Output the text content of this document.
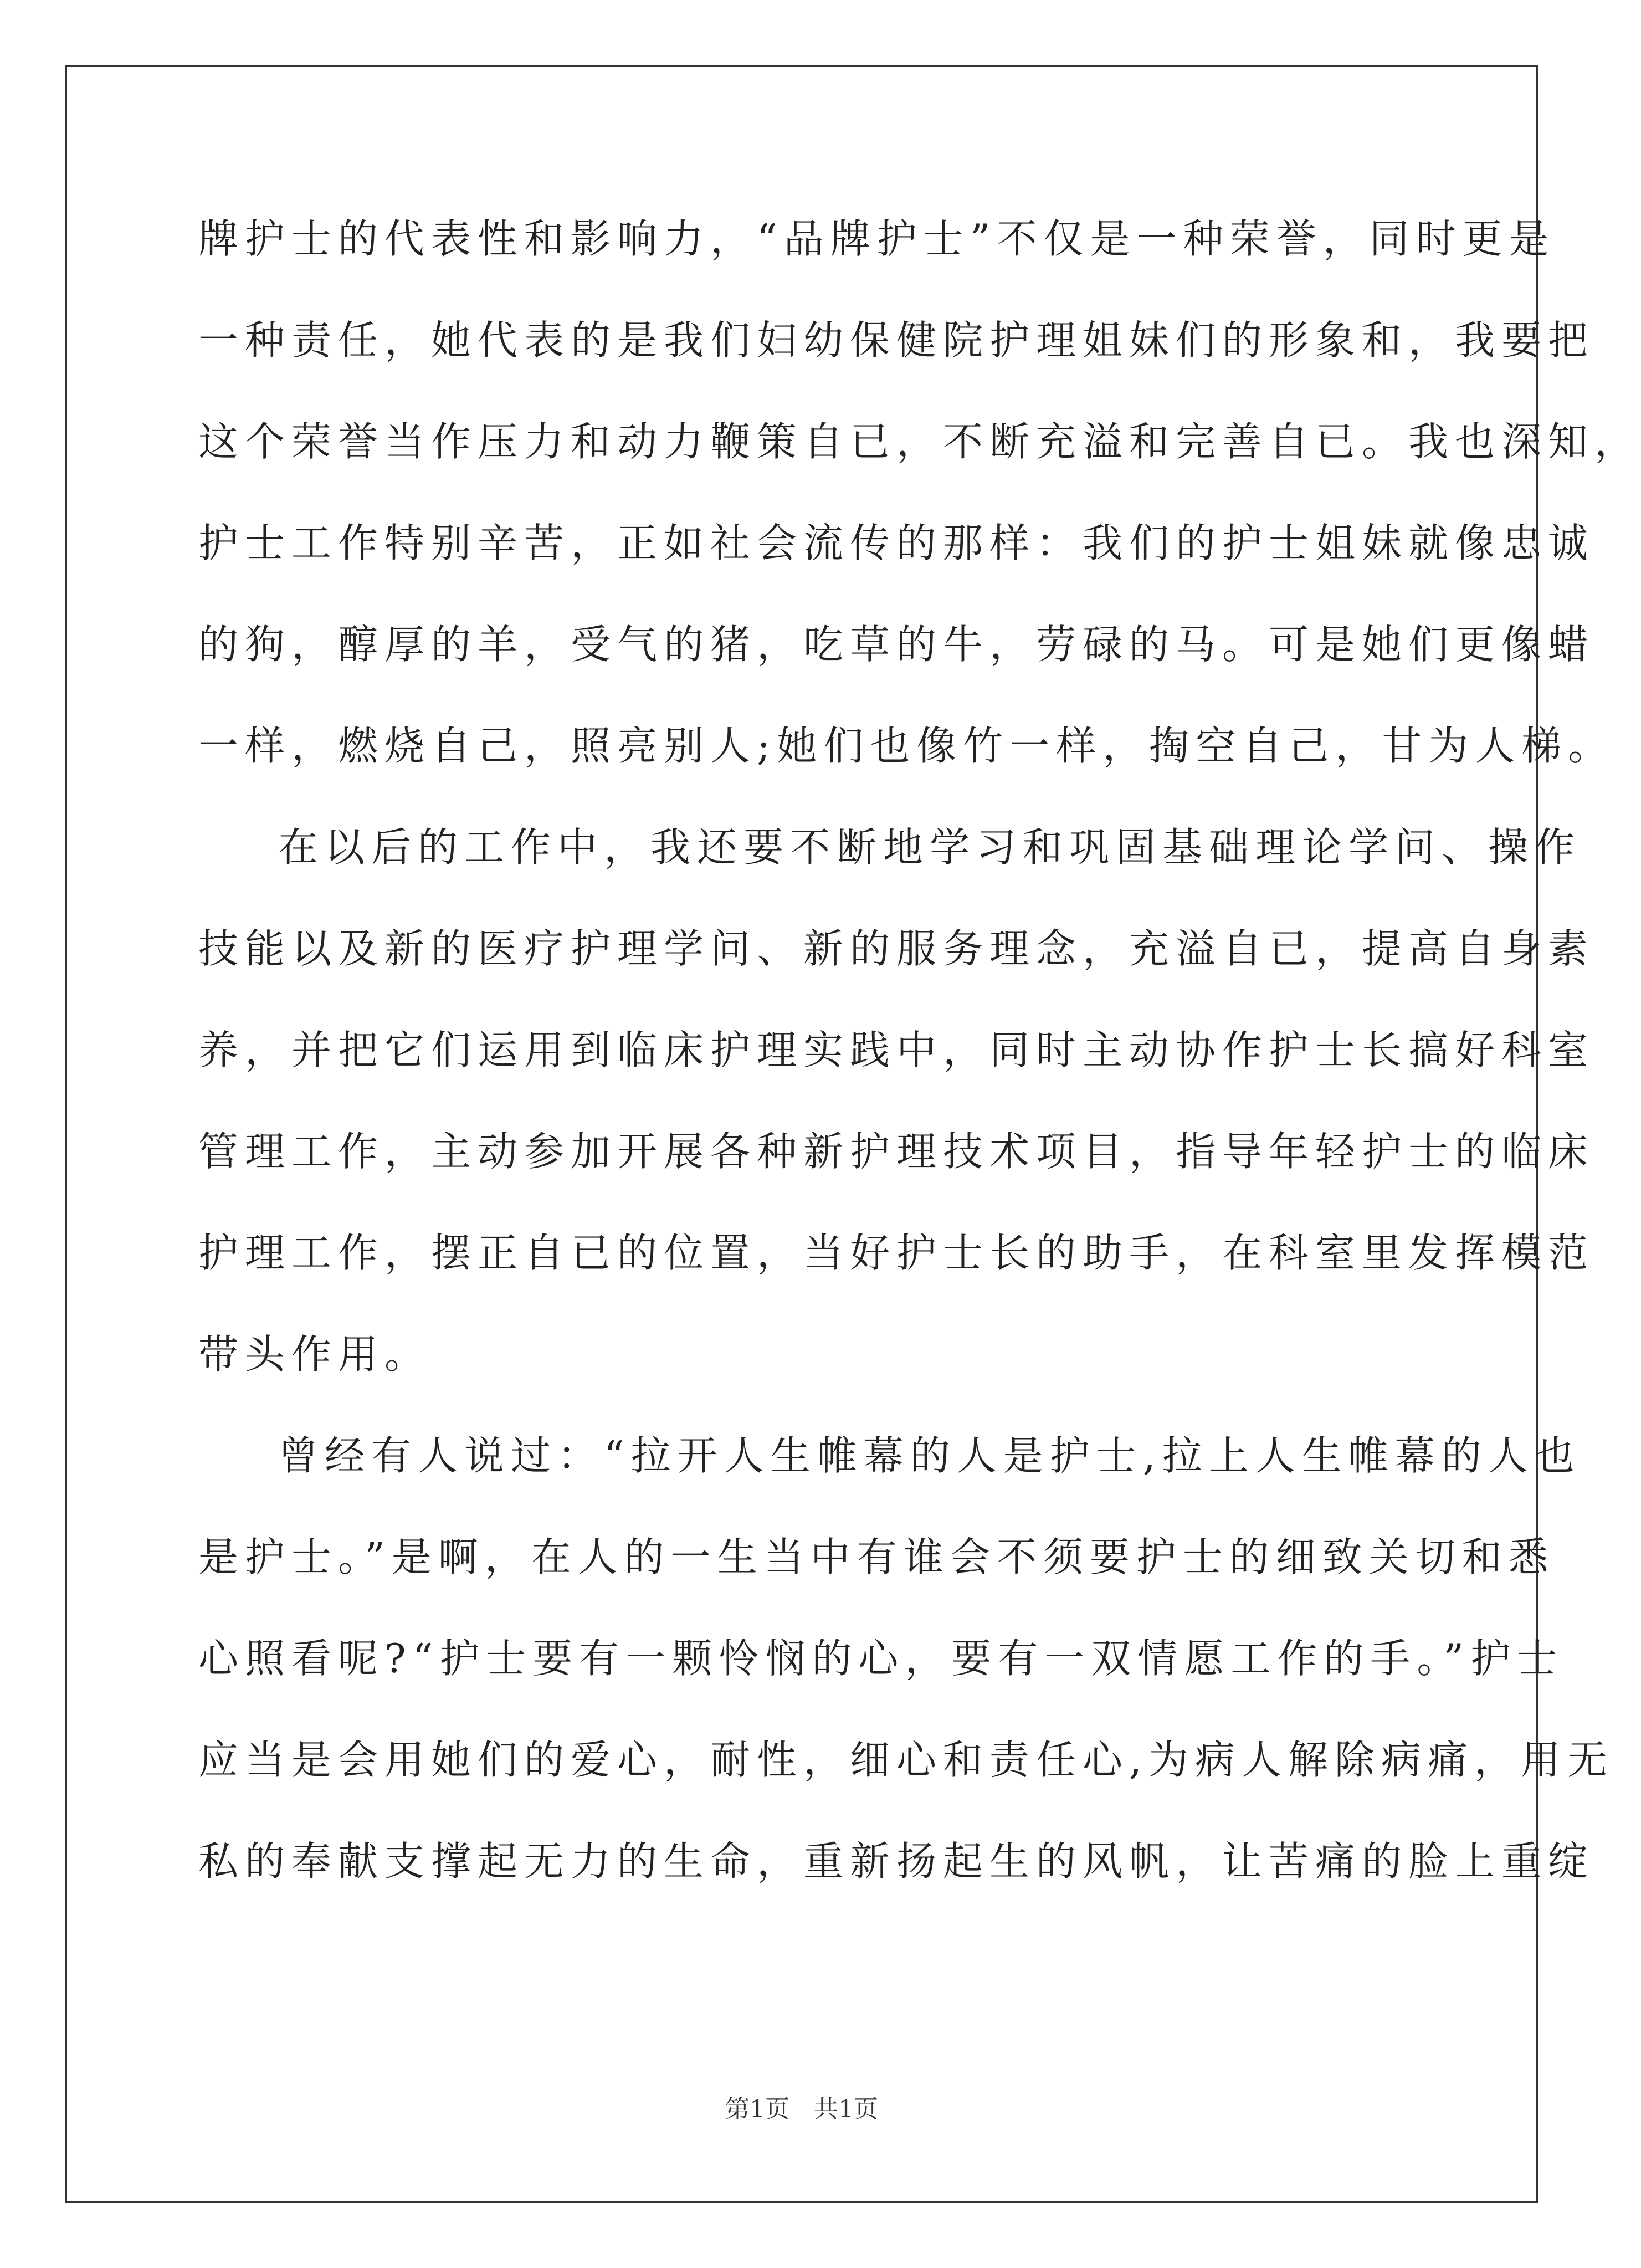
牌护士的代表性和影响力，“品牌护士”不仅是一种荣誉，同时更是
一种责任，她代表的是我们妇幼保健院护理姐妹们的形象和，我要把
这个荣誉当作压力和动力鞭策自已，不断充溢和完善自已。我也深知，
护士工作特别辛苦，正如社会流传的那样：我们的护士姐妹就像忠诚
的狗，醇厚的羊，受气的猪，吃草的牛，劳碌的马。可是她们更像蜡
一样，燃烧自己，照亮别人;她们也像竹一样，掏空自己，甘为人梯。
在以后的工作中，我还要不断地学习和巩固基础理论学问、操作
技能以及新的医疗护理学问、新的服务理念，充溢自已，提高自身素
养，并把它们运用到临床护理实践中，同时主动协作护士长搞好科室
管理工作，主动参加开展各种新护理技术项目，指导年轻护士的临床
护理工作，摆正自已的位置，当好护士长的助手，在科室里发挥模范
带头作用。
曾经有人说过：“拉开人生帷幕的人是护士,拉上人生帷幕的人也
是护士。”是啊，在人的一生当中有谁会不须要护士的细致关切和悉
心照看呢?“护士要有一颗怜悯的心，要有一双情愿工作的手。”护士
应当是会用她们的爱心，耐性，细心和责任心,为病人解除病痛，用无
私的奉献支撑起无力的生命，重新扬起生的风帆，让苦痛的脸上重绽
第1页　共1页
